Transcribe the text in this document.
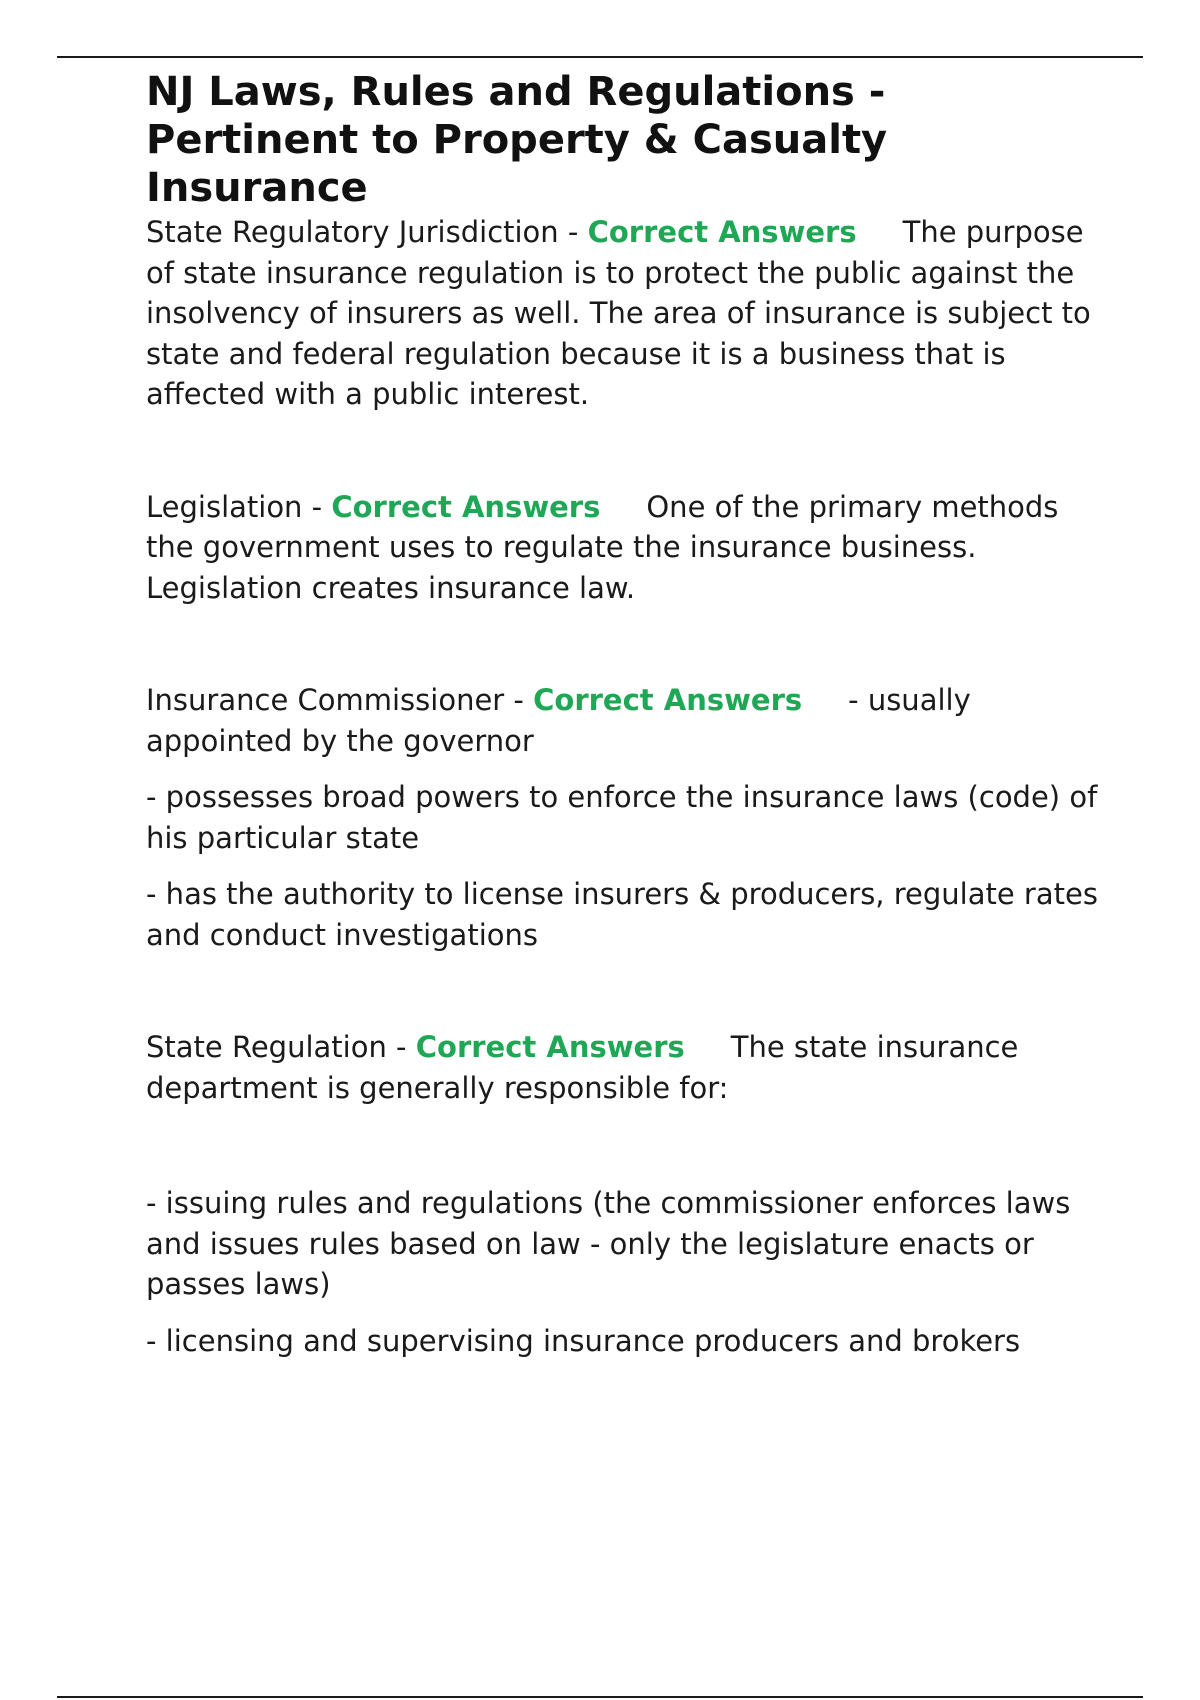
NJ Laws, Rules and Regulations - Pertinent to Property & Casualty Insurance

State Regulatory Jurisdiction - Correct Answers The purpose of state insurance regulation is to protect the public against the insolvency of insurers as well. The area of insurance is subject to state and federal regulation because it is a business that is affected with a public interest.

Legislation - Correct Answers One of the primary methods the government uses to regulate the insurance business. Legislation creates insurance law.

Insurance Commissioner - Correct Answers - usually appointed by the governor

- possesses broad powers to enforce the insurance laws (code) of his particular state

- has the authority to license insurers & producers, regulate rates and conduct investigations

State Regulation - Correct Answers The state insurance department is generally responsible for:

- issuing rules and regulations (the commissioner enforces laws and issues rules based on law - only the legislature enacts or passes laws)

- licensing and supervising insurance producers and brokers
